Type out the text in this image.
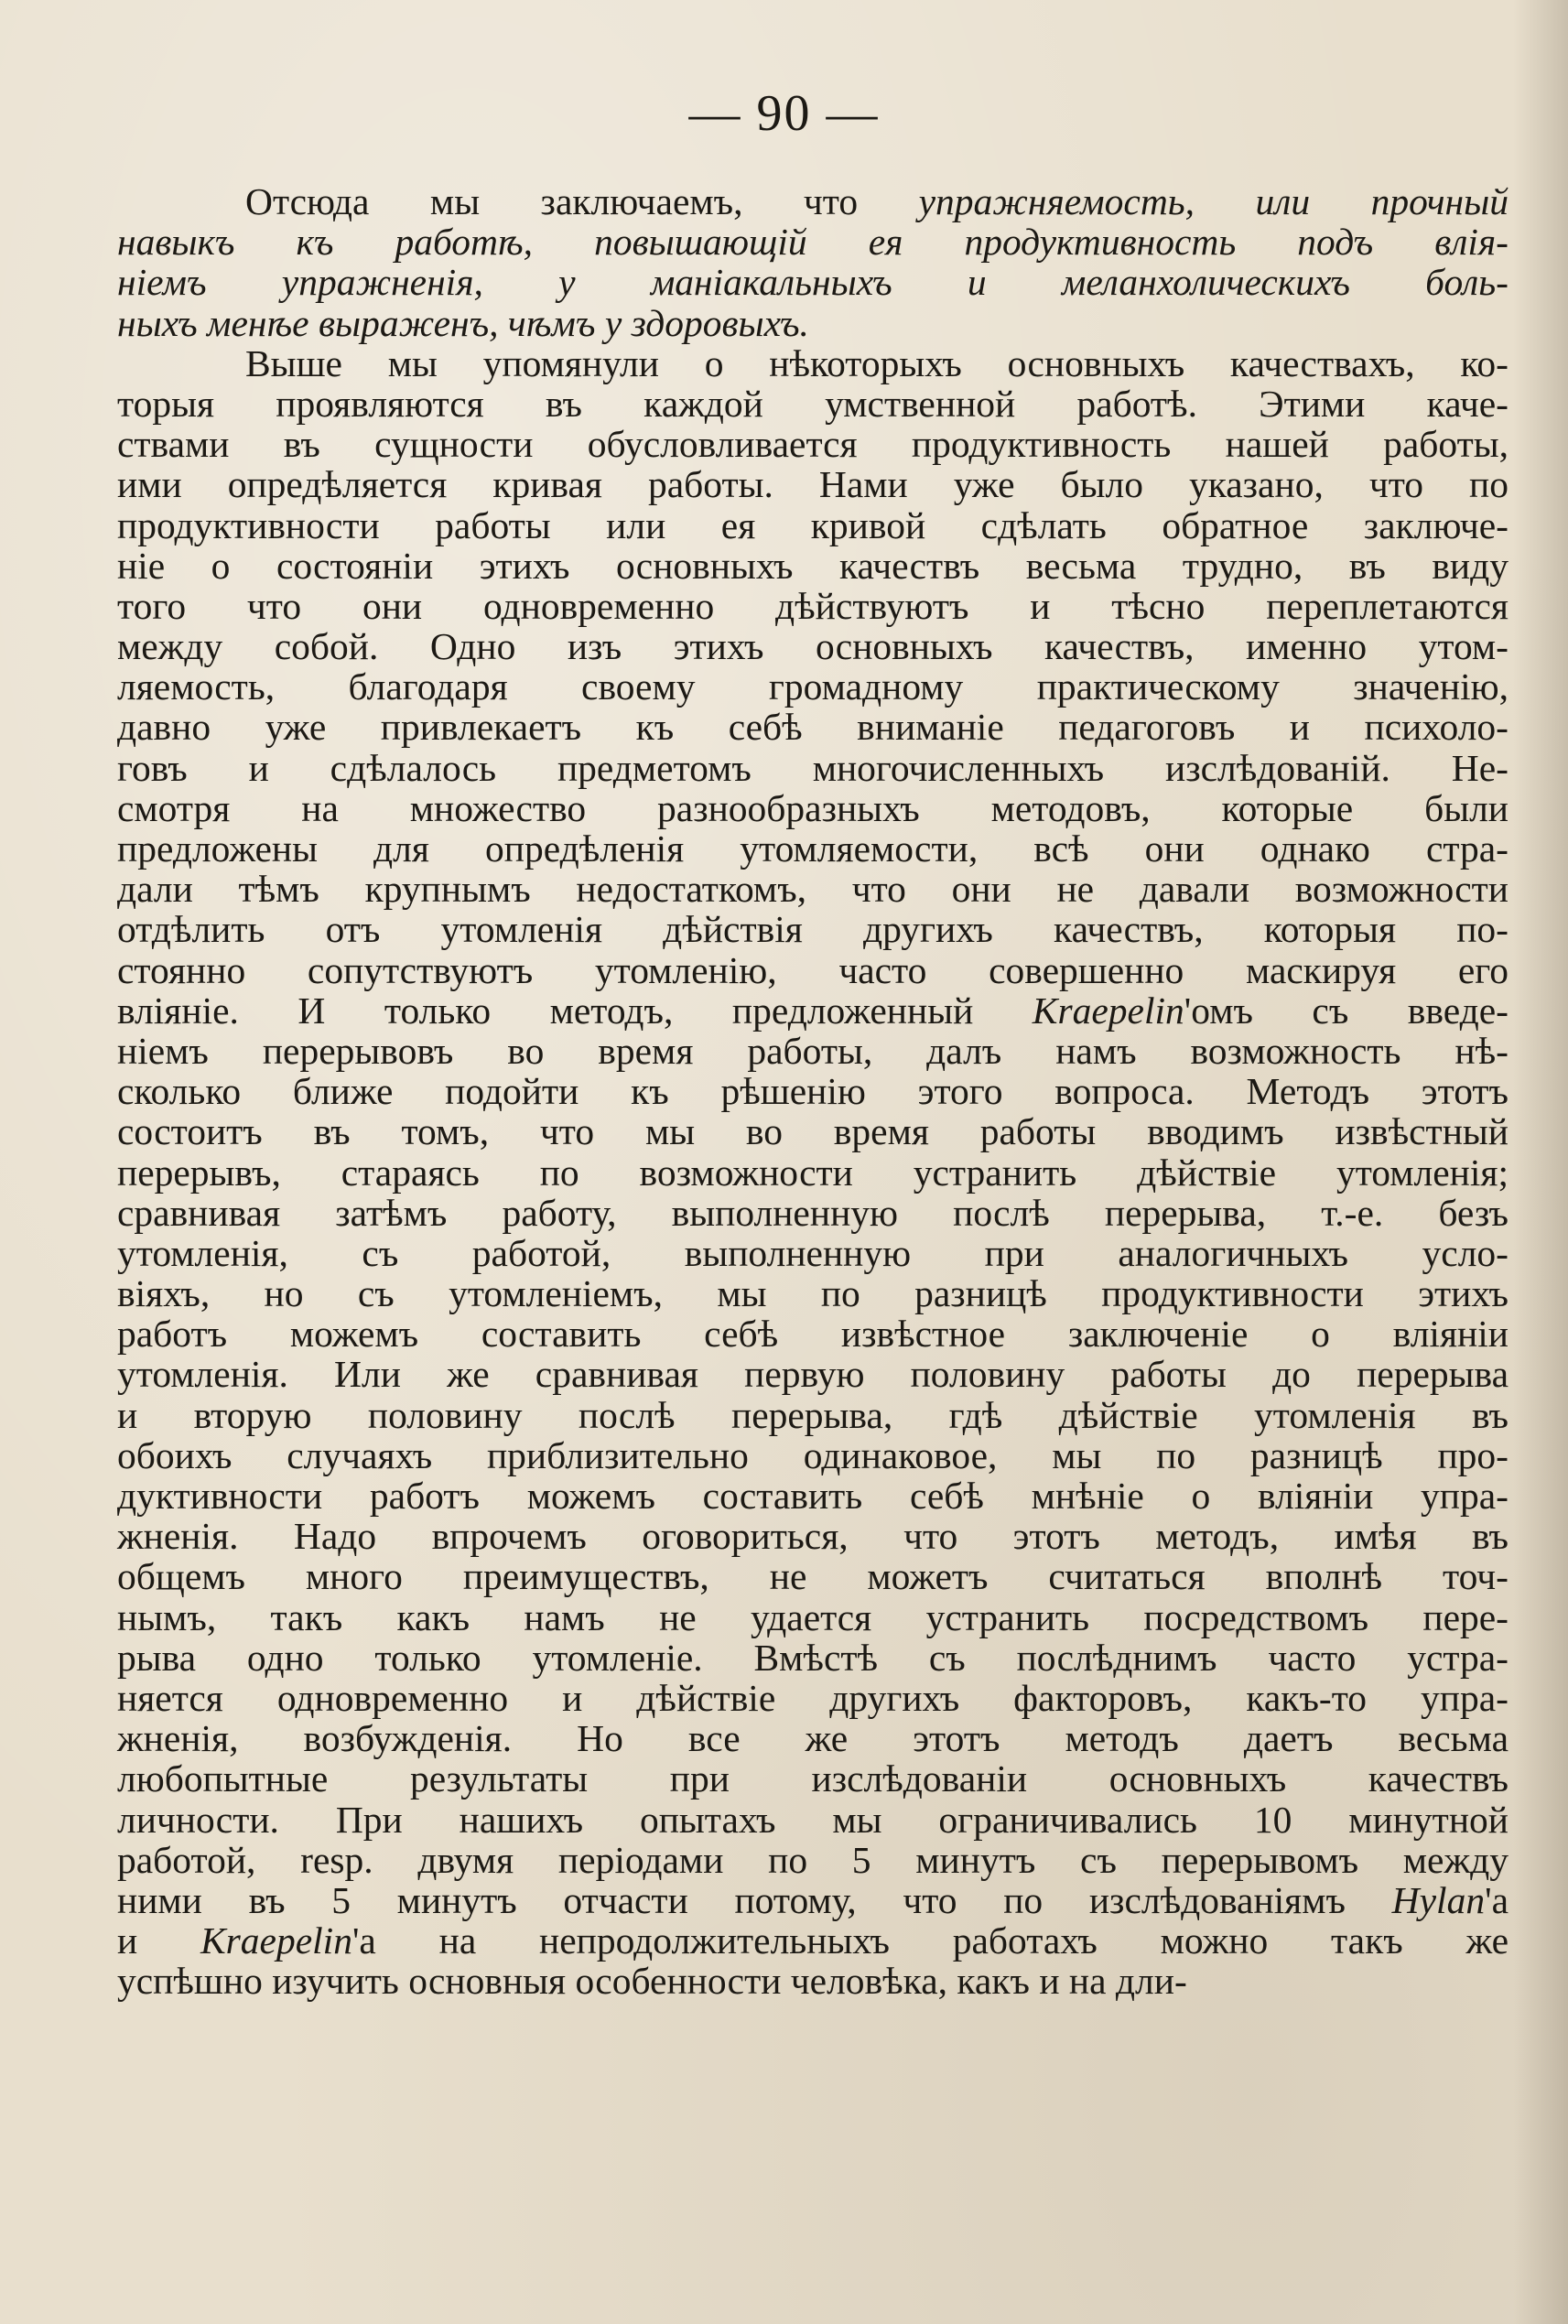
— 90 —
Отсюда мы заключаемъ, что упражняемость, или прочный
навыкъ къ работѣ, повышающій ея продуктивность подъ влія-
ніемъ упражненія, у маніакальныхъ и меланхолическихъ боль-
ныхъ менѣе выраженъ, чѣмъ у здоровыхъ.
Выше мы упомянули о нѣкоторыхъ основныхъ качествахъ, ко-
торыя проявляются въ каждой умственной работѣ. Этими каче-
ствами въ сущности обусловливается продуктивность нашей работы,
ими опредѣляется кривая работы. Нами уже было указано, что по
продуктивности работы или ея кривой сдѣлать обратное заключе-
ніе о состояніи этихъ основныхъ качествъ весьма трудно, въ виду
того что они одновременно дѣйствуютъ и тѣсно переплетаются
между собой. Одно изъ этихъ основныхъ качествъ, именно утом-
ляемость, благодаря своему громадному практическому значенію,
давно уже привлекаетъ къ себѣ вниманіе педагоговъ и психоло-
говъ и сдѣлалось предметомъ многочисленныхъ изслѣдованій. Не-
смотря на множество разнообразныхъ методовъ, которые были
предложены для опредѣленія утомляемости, всѣ они однако стра-
дали тѣмъ крупнымъ недостаткомъ, что они не давали возможности
отдѣлить отъ утомленія дѣйствія другихъ качествъ, которыя по-
стоянно сопутствуютъ утомленію, часто совершенно маскируя его
вліяніе. И только методъ, предложенный Kraepelin'омъ съ введе-
ніемъ перерывовъ во время работы, далъ намъ возможность нѣ-
сколько ближе подойти къ рѣшенію этого вопроса. Методъ этотъ
состоитъ въ томъ, что мы во время работы вводимъ извѣстный
перерывъ, стараясь по возможности устранить дѣйствіе утомленія;
сравнивая затѣмъ работу, выполненную послѣ перерыва, т.-е. безъ
утомленія, съ работой, выполненную при аналогичныхъ усло-
віяхъ, но съ утомленіемъ, мы по разницѣ продуктивности этихъ
работъ можемъ составить себѣ извѣстное заключеніе о вліяніи
утомленія. Или же сравнивая первую половину работы до перерыва
и вторую половину послѣ перерыва, гдѣ дѣйствіе утомленія въ
обоихъ случаяхъ приблизительно одинаковое, мы по разницѣ про-
дуктивности работъ можемъ составить себѣ мнѣніе о вліяніи упра-
жненія. Надо впрочемъ оговориться, что этотъ методъ, имѣя въ
общемъ много преимуществъ, не можетъ считаться вполнѣ точ-
нымъ, такъ какъ намъ не удается устранить посредствомъ пере-
рыва одно только утомленіе. Вмѣстѣ съ послѣднимъ часто устра-
няется одновременно и дѣйствіе другихъ факторовъ, какъ-то упра-
жненія, возбужденія. Но все же этотъ методъ даетъ весьма
любопытные результаты при изслѣдованіи основныхъ качествъ
личности. При нашихъ опытахъ мы ограничивались 10 минутной
работой, resp. двумя періодами по 5 минутъ съ перерывомъ между
ними въ 5 минутъ отчасти потому, что по изслѣдованіямъ Hylan'а
и Kraepelin'а на непродолжительныхъ работахъ можно такъ же
успѣшно изучить основныя особенности человѣка, какъ и на дли-
